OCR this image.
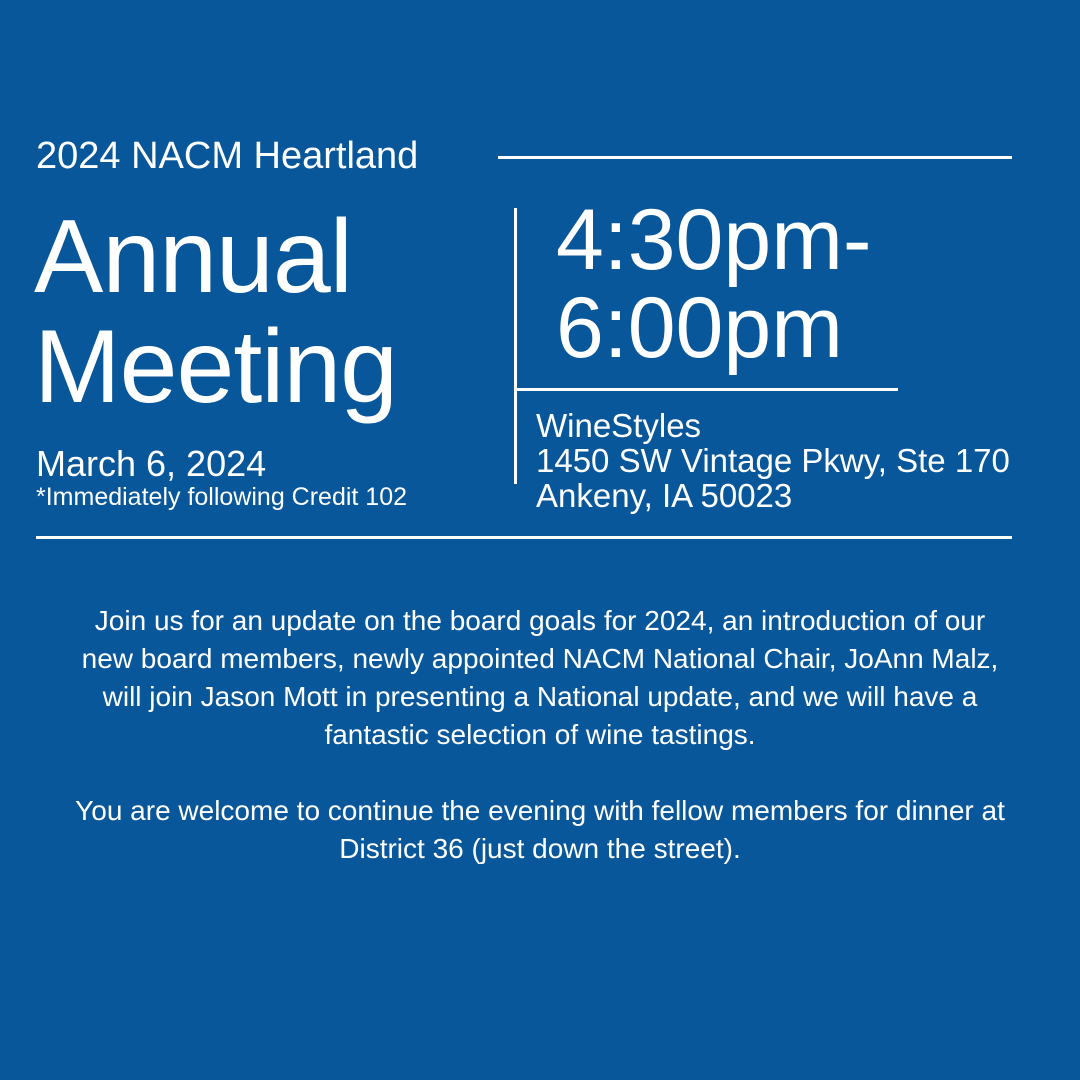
2024 NACM Heartland
Annual
Meeting
4:30pm-
6:00pm
March 6, 2024
*Immediately following Credit 102
WineStyles
1450 SW Vintage Pkwy, Ste 170
Ankeny, IA 50023

Join us for an update on the board goals for 2024, an introduction of our new board members, newly appointed NACM National Chair, JoAnn Malz, will join Jason Mott in presenting a National update, and we will have a fantastic selection of wine tastings.

You are welcome to continue the evening with fellow members for dinner at District 36 (just down the street).
